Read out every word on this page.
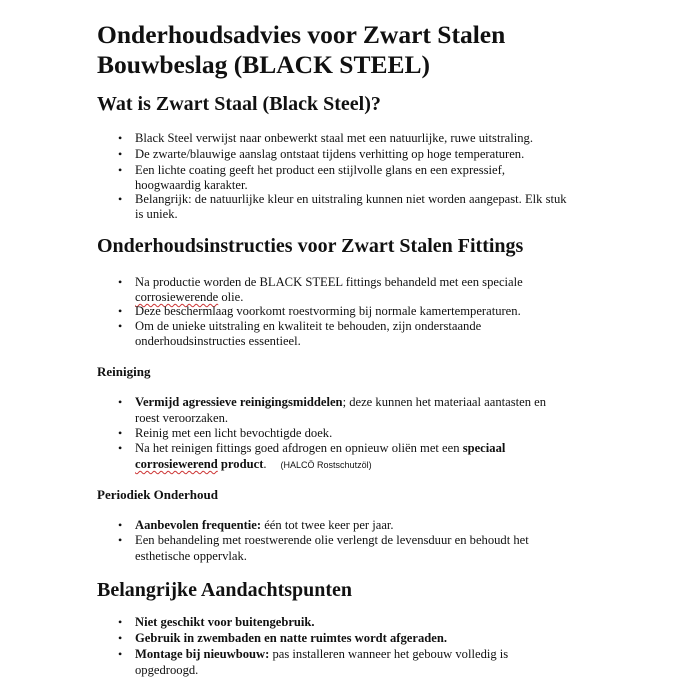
Onderhoudsadvies voor Zwart Stalen
Bouwbeslag (BLACK STEEL)
Wat is Zwart Staal (Black Steel)?
• Black Steel verwijst naar onbewerkt staal met een natuurlijke, ruwe uitstraling.
• De zwarte/blauwige aanslag ontstaat tijdens verhitting op hoge temperaturen.
• Een lichte coating geeft het product een stijlvolle glans en een expressief,
hoogwaardig karakter.
• Belangrijk: de natuurlijke kleur en uitstraling kunnen niet worden aangepast. Elk stuk
is uniek.
Onderhoudsinstructies voor Zwart Stalen Fittings
• Na productie worden de BLACK STEEL fittings behandeld met een speciale
corrosiewerende olie.
• Deze beschermlaag voorkomt roestvorming bij normale kamertemperaturen.
• Om de unieke uitstraling en kwaliteit te behouden, zijn onderstaande
onderhoudsinstructies essentieel.
Reiniging
• Vermijd agressieve reinigingsmiddelen; deze kunnen het materiaal aantasten en
roest veroorzaken.
• Reinig met een licht bevochtigde doek.
• Na het reinigen fittings goed afdrogen en opnieuw oliën met een speciaal
corrosiewerend product. (HALCÖ Rostschutzöl)
Periodiek Onderhoud
• Aanbevolen frequentie: één tot twee keer per jaar.
• Een behandeling met roestwerende olie verlengt de levensduur en behoudt het
esthetische oppervlak.
Belangrijke Aandachtspunten
• Niet geschikt voor buitengebruik.
• Gebruik in zwembaden en natte ruimtes wordt afgeraden.
• Montage bij nieuwbouw: pas installeren wanneer het gebouw volledig is
opgedroogd.
